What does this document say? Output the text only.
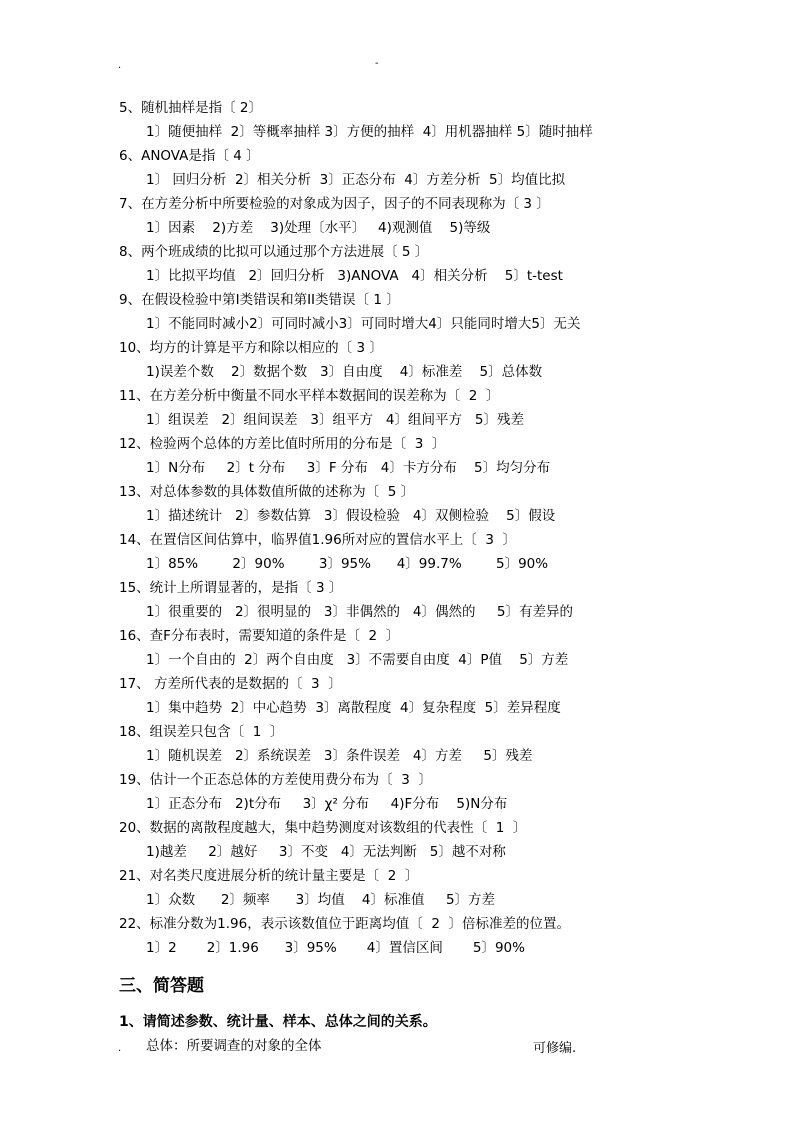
.	-
5、随机抽样是指〔 2〕
1〕随便抽样  2〕等概率抽样 3〕方便的抽样  4〕用机器抽样 5〕随时抽样
6、ANOVA是指〔 4 〕
1〕 回归分析  2〕相关分析  3〕正态分布  4〕方差分析  5〕均值比拟
7、在方差分析中所要检验的对象成为因子，因子的不同表现称为〔 3 〕
1〕因素    2)方差    3)处理〔水平〕   4)观测值    5)等级
8、两个班成绩的比拟可以通过那个方法进展〔 5 〕
1〕比拟平均值   2〕回归分析   3)ANOVA   4〕相关分析    5〕t-test
9、在假设检验中第Ⅰ类错误和第II类错误〔 1 〕
1〕不能同时减小2〕可同时减小3〕可同时增大4〕只能同时增大5〕无关
10、均方的计算是平方和除以相应的〔 3 〕
1)误差个数    2〕数据个数   3〕自由度    4〕标准差    5〕总体数
11、在方差分析中衡量不同水平样本数据间的误差称为〔  2  〕
1〕组误差   2〕组间误差   3〕组平方   4〕组间平方   5〕残差
12、检验两个总体的方差比值时所用的分布是〔  3  〕
1〕N分布     2〕t 分布     3〕F 分布   4〕卡方分布    5〕均匀分布
13、对总体参数的具体数值所做的述称为〔  5 〕
1〕描述统计   2〕参数估算   3〕假设检验   4〕双侧检验    5〕假设
14、在置信区间估算中，临界值1.96所对应的置信水平上〔  3  〕
1〕85%        2〕90%        3〕95%      4〕99.7%        5〕90%
15、统计上所谓显著的，是指〔 3 〕
1〕很重要的   2〕很明显的   3〕非偶然的   4〕偶然的     5〕有差异的
16、查F分布表时，需要知道的条件是〔  2  〕
1〕一个自由的  2〕两个自由度   3〕不需要自由度  4〕P值    5〕方差
17、 方差所代表的是数据的〔  3  〕
1〕集中趋势  2〕中心趋势  3〕离散程度  4〕复杂程度  5〕差异程度
18、组误差只包含〔  1  〕
1〕随机误差   2〕系统误差   3〕条件误差   4〕方差     5〕残差
19、估计一个正态总体的方差使用费分布为〔  3  〕
1〕正态分布   2)t分布     3〕χ² 分布     4)F分布    5)N分布
20、数据的离散程度越大，集中趋势测度对该数组的代表性〔  1  〕
1)越差     2〕越好     3〕不变   4〕无法判断   5〕越不对称
21、对名类尺度进展分析的统计量主要是〔  2  〕
1〕众数      2〕频率      3〕均值    4〕标准值     5〕方差
22、标准分数为1.96，表示该数值位于距离均值〔  2  〕倍标准差的位置。
1〕2       2〕1.96      3〕95%       4〕置信区间       5〕90%
三、简答题
1、请简述参数、统计量、样本、总体之间的关系。
总体：所要调查的对象的全体
.	可修编.
